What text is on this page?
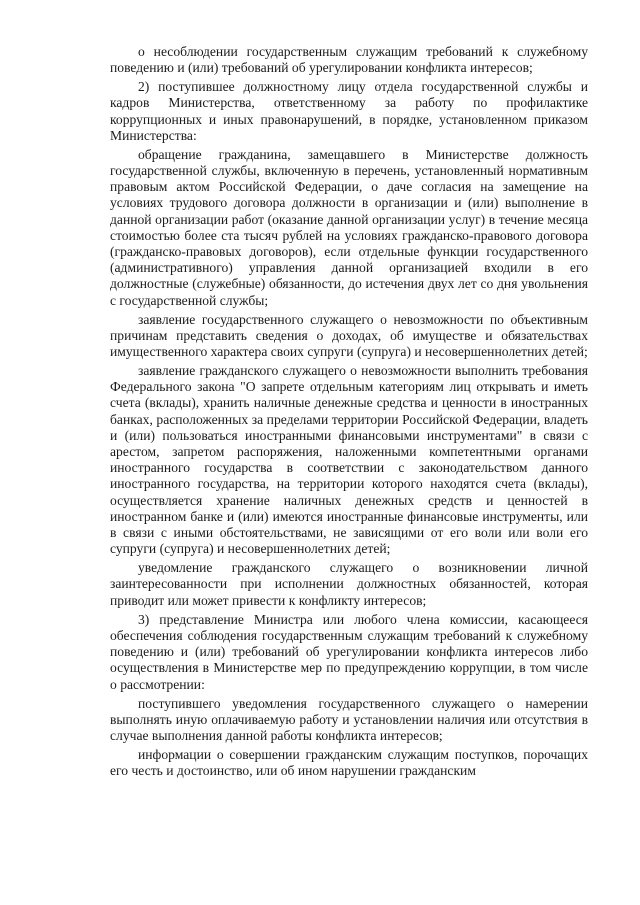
о несоблюдении государственным служащим требований к служебному поведению и (или) требований об урегулировании конфликта интересов;

2) поступившее должностному лицу отдела государственной службы и кадров Министерства, ответственному за работу по профилактике коррупционных и иных правонарушений, в порядке, установленном приказом Министерства:

обращение гражданина, замещавшего в Министерстве должность государственной службы, включенную в перечень, установленный нормативным правовым актом Российской Федерации, о даче согласия на замещение на условиях трудового договора должности в организации и (или) выполнение в данной организации работ (оказание данной организации услуг) в течение месяца стоимостью более ста тысяч рублей на условиях гражданско-правового договора (гражданско-правовых договоров), если отдельные функции государственного (административного) управления данной организацией входили в его должностные (служебные) обязанности, до истечения двух лет со дня увольнения с государственной службы;

заявление государственного служащего о невозможности по объективным причинам представить сведения о доходах, об имуществе и обязательствах имущественного характера своих супруги (супруга) и несовершеннолетних детей;

заявление гражданского служащего о невозможности выполнить требования Федерального закона "О запрете отдельным категориям лиц открывать и иметь счета (вклады), хранить наличные денежные средства и ценности в иностранных банках, расположенных за пределами территории Российской Федерации, владеть и (или) пользоваться иностранными финансовыми инструментами" в связи с арестом, запретом распоряжения, наложенными компетентными органами иностранного государства в соответствии с законодательством данного иностранного государства, на территории которого находятся счета (вклады), осуществляется хранение наличных денежных средств и ценностей в иностранном банке и (или) имеются иностранные финансовые инструменты, или в связи с иными обстоятельствами, не зависящими от его воли или воли его супруги (супруга) и несовершеннолетних детей;

уведомление гражданского служащего о возникновении личной заинтересованности при исполнении должностных обязанностей, которая приводит или может привести к конфликту интересов;

3) представление Министра или любого члена комиссии, касающееся обеспечения соблюдения государственным служащим требований к служебному поведению и (или) требований об урегулировании конфликта интересов либо осуществления в Министерстве мер по предупреждению коррупции, в том числе о рассмотрении:

поступившего уведомления государственного служащего о намерении выполнять иную оплачиваемую работу и установлении наличия или отсутствия в случае выполнения данной работы конфликта интересов;

информации о совершении гражданским служащим поступков, порочащих его честь и достоинство, или об ином нарушении гражданским
